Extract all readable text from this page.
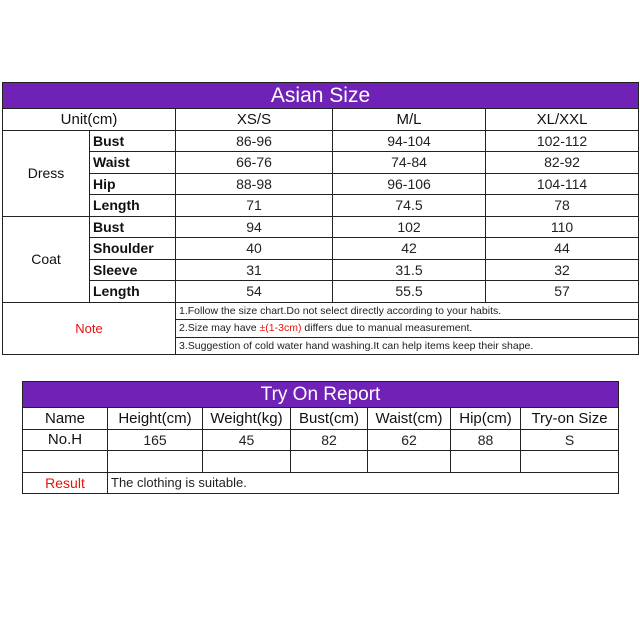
Asian Size				
Unit(cm)		XS/S	M/L	XL/XXL
Dress	Bust	86-96	94-104	102-112
	Waist	66-76	74-84	82-92
	Hip	88-98	96-106	104-114
	Length	71	74.5	78
Coat	Bust	94	102	110
	Shoulder	40	42	44
	Sleeve	31	31.5	32
	Length	54	55.5	57
Note		1.Follow the size chart.Do not select directly according to your habits.		
		2.Size may have ±(1-3cm) differs due to manual measurement.		
		3.Suggestion of cold water hand washing.It can help items keep their shape.		
Try On Report						
Name	Height(cm)	Weight(kg)	Bust(cm)	Waist(cm)	Hip(cm)	Try-on Size
No.H	165	45	82	62	88	S

Result	The clothing is suitable.					
